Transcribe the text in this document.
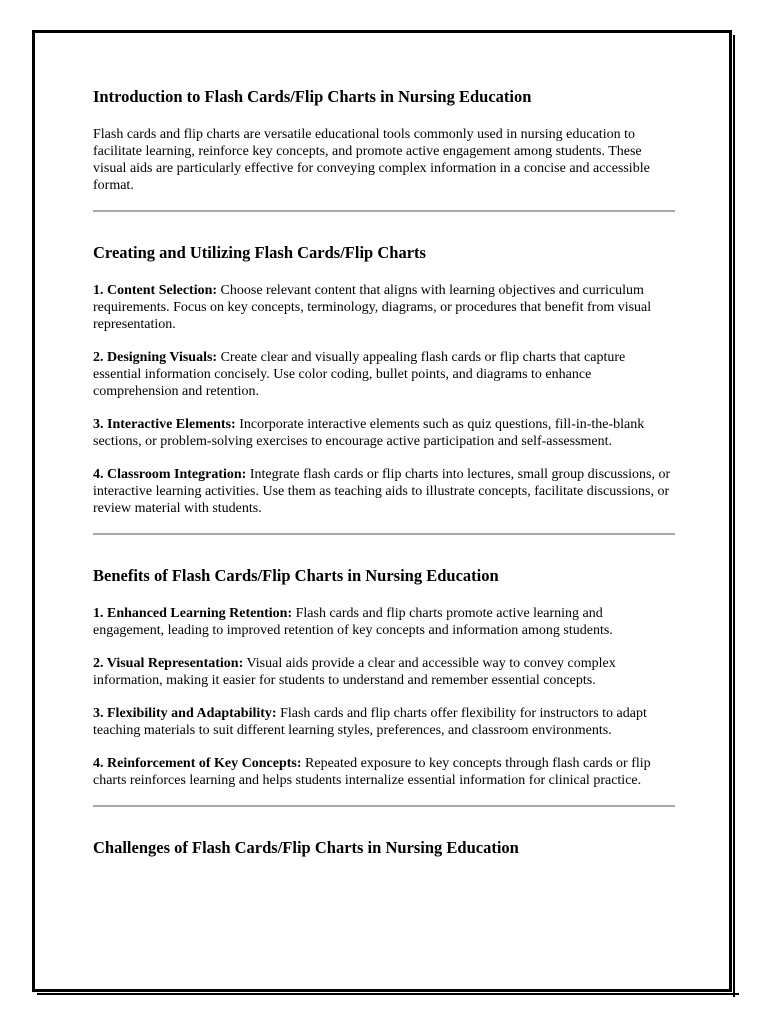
Introduction to Flash Cards/Flip Charts in Nursing Education

Flash cards and flip charts are versatile educational tools commonly used in nursing education to facilitate learning, reinforce key concepts, and promote active engagement among students. These visual aids are particularly effective for conveying complex information in a concise and accessible format.

Creating and Utilizing Flash Cards/Flip Charts

1. Content Selection: Choose relevant content that aligns with learning objectives and curriculum requirements. Focus on key concepts, terminology, diagrams, or procedures that benefit from visual representation.

2. Designing Visuals: Create clear and visually appealing flash cards or flip charts that capture essential information concisely. Use color coding, bullet points, and diagrams to enhance comprehension and retention.

3. Interactive Elements: Incorporate interactive elements such as quiz questions, fill-in-the-blank sections, or problem-solving exercises to encourage active participation and self-assessment.

4. Classroom Integration: Integrate flash cards or flip charts into lectures, small group discussions, or interactive learning activities. Use them as teaching aids to illustrate concepts, facilitate discussions, or review material with students.

Benefits of Flash Cards/Flip Charts in Nursing Education

1. Enhanced Learning Retention: Flash cards and flip charts promote active learning and engagement, leading to improved retention of key concepts and information among students.

2. Visual Representation: Visual aids provide a clear and accessible way to convey complex information, making it easier for students to understand and remember essential concepts.

3. Flexibility and Adaptability: Flash cards and flip charts offer flexibility for instructors to adapt teaching materials to suit different learning styles, preferences, and classroom environments.

4. Reinforcement of Key Concepts: Repeated exposure to key concepts through flash cards or flip charts reinforces learning and helps students internalize essential information for clinical practice.

Challenges of Flash Cards/Flip Charts in Nursing Education
